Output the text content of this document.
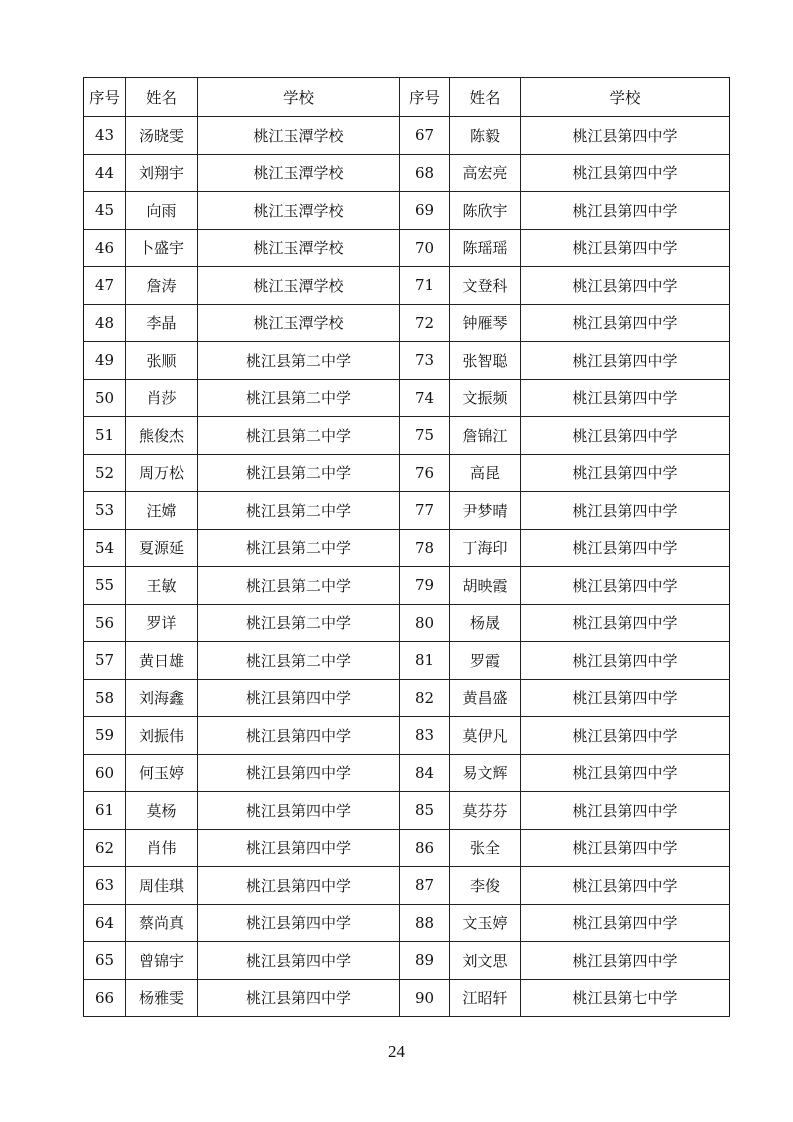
序号	姓名	学校	序号	姓名	学校
43	汤晓雯	桃江玉潭学校	67	陈毅	桃江县第四中学
44	刘翔宇	桃江玉潭学校	68	高宏亮	桃江县第四中学
45	向雨	桃江玉潭学校	69	陈欣宇	桃江县第四中学
46	卜盛宇	桃江玉潭学校	70	陈瑶瑶	桃江县第四中学
47	詹涛	桃江玉潭学校	71	文登科	桃江县第四中学
48	李晶	桃江玉潭学校	72	钟雁琴	桃江县第四中学
49	张顺	桃江县第二中学	73	张智聪	桃江县第四中学
50	肖莎	桃江县第二中学	74	文振频	桃江县第四中学
51	熊俊杰	桃江县第二中学	75	詹锦江	桃江县第四中学
52	周万松	桃江县第二中学	76	高昆	桃江县第四中学
53	汪嫦	桃江县第二中学	77	尹梦晴	桃江县第四中学
54	夏源延	桃江县第二中学	78	丁海印	桃江县第四中学
55	王敏	桃江县第二中学	79	胡映霞	桃江县第四中学
56	罗详	桃江县第二中学	80	杨晟	桃江县第四中学
57	黄日雄	桃江县第二中学	81	罗霞	桃江县第四中学
58	刘海鑫	桃江县第四中学	82	黄昌盛	桃江县第四中学
59	刘振伟	桃江县第四中学	83	莫伊凡	桃江县第四中学
60	何玉婷	桃江县第四中学	84	易文辉	桃江县第四中学
61	莫杨	桃江县第四中学	85	莫芬芬	桃江县第四中学
62	肖伟	桃江县第四中学	86	张全	桃江县第四中学
63	周佳琪	桃江县第四中学	87	李俊	桃江县第四中学
64	蔡尚真	桃江县第四中学	88	文玉婷	桃江县第四中学
65	曾锦宇	桃江县第四中学	89	刘文思	桃江县第四中学
66	杨雅雯	桃江县第四中学	90	江昭轩	桃江县第七中学
24
